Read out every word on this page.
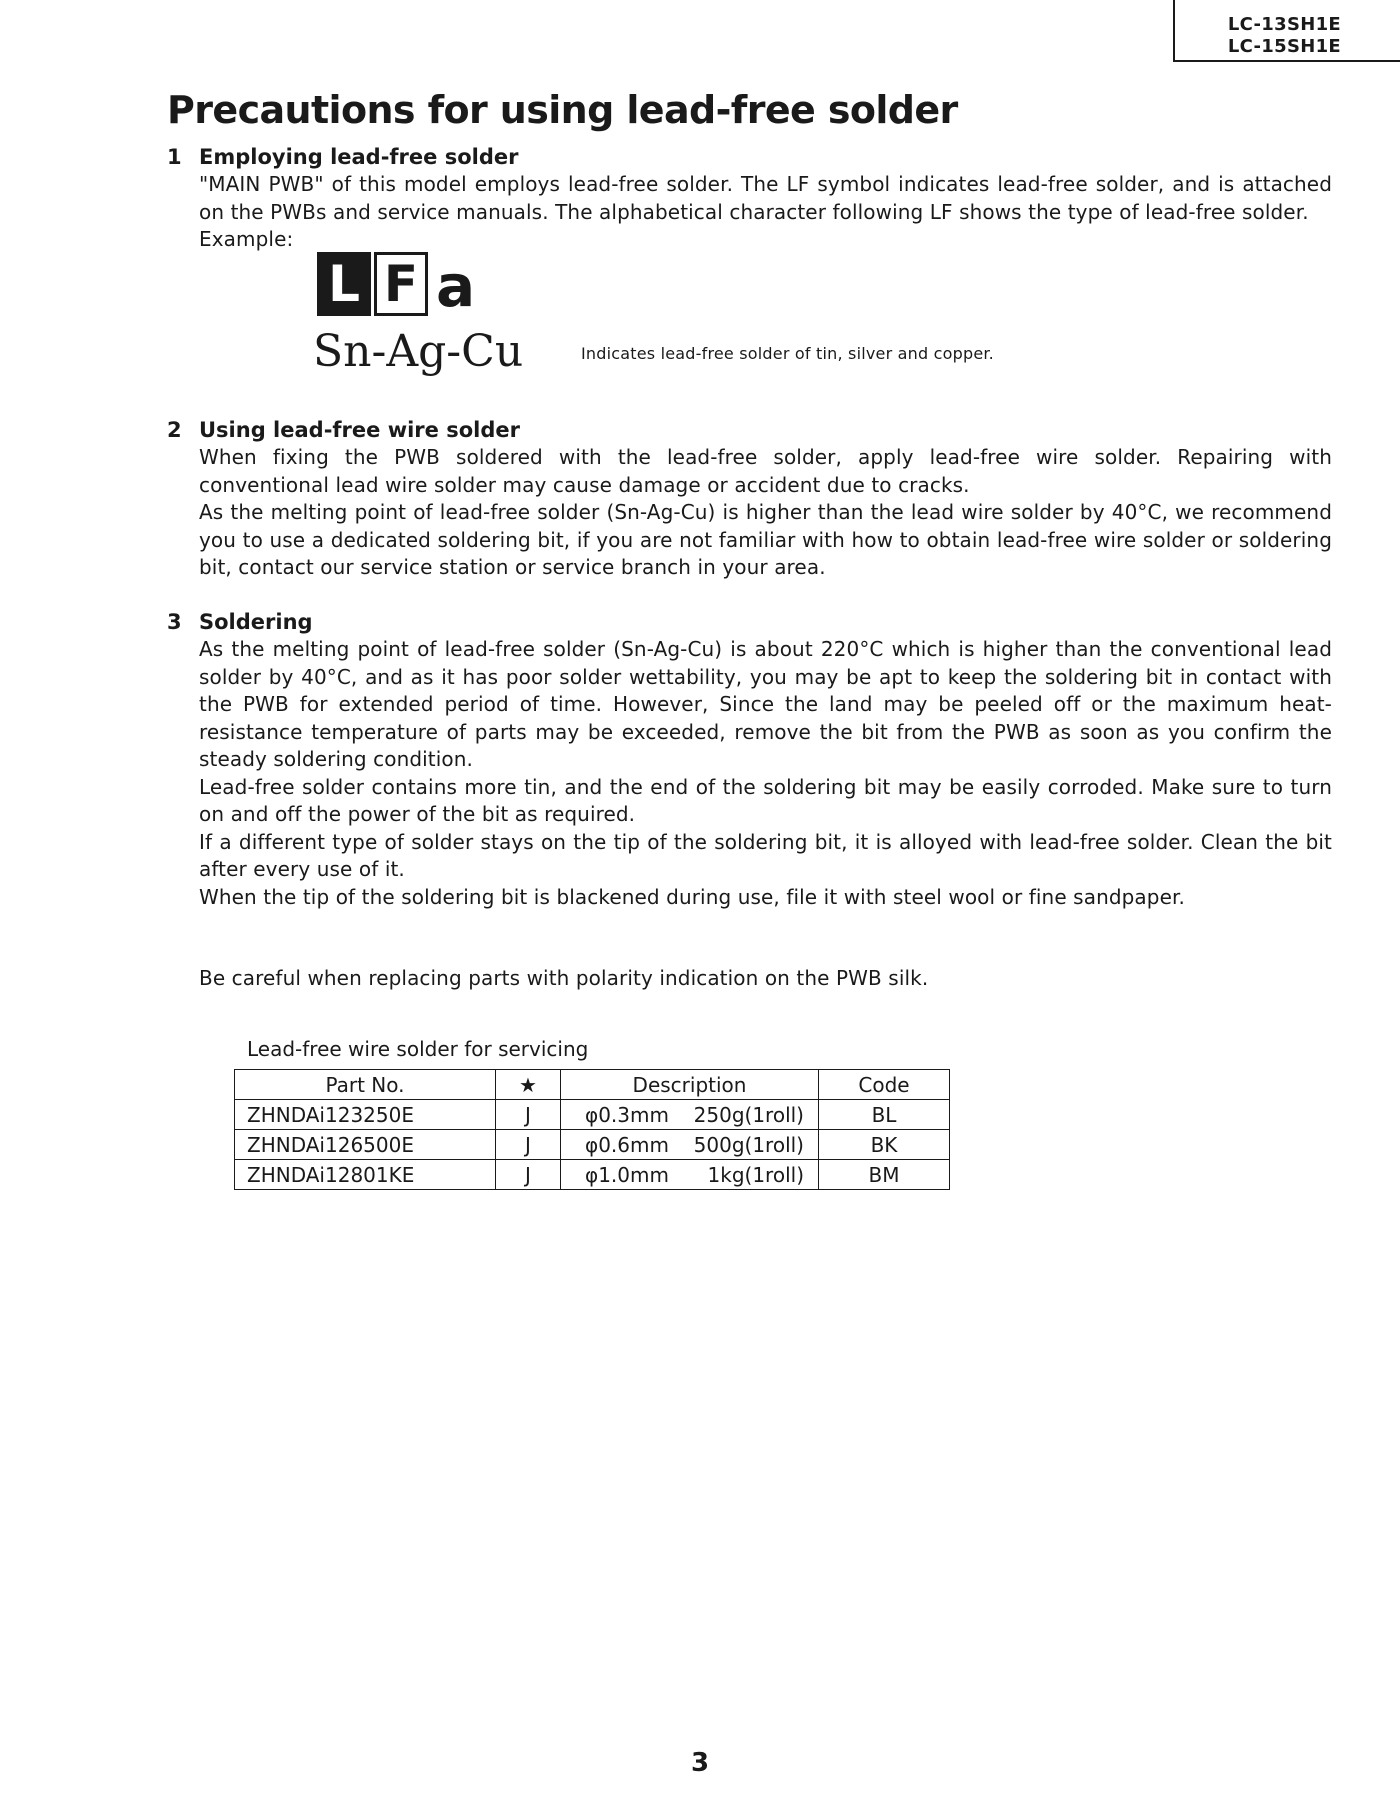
LC-13SH1E
LC-15SH1E
Precautions for using lead-free solder
1 Employing lead-free solder

"MAIN PWB" of this model employs lead-free solder. The LF symbol indicates lead-free solder, and is attached on the PWBs and service manuals. The alphabetical character following LF shows the type of lead-free solder.

Example:

L F a
Sn-Ag-Cu	Indicates lead-free solder of tin, silver and copper.
2 Using lead-free wire solder

When fixing the PWB soldered with the lead-free solder, apply lead-free wire solder. Repairing with conventional lead wire solder may cause damage or accident due to cracks.

As the melting point of lead-free solder (Sn-Ag-Cu) is higher than the lead wire solder by 40°C, we recommend you to use a dedicated soldering bit, if you are not familiar with how to obtain lead-free wire solder or soldering bit, contact our service station or service branch in your area.

3 Soldering

As the melting point of lead-free solder (Sn-Ag-Cu) is about 220°C which is higher than the conventional lead solder by 40°C, and as it has poor solder wettability, you may be apt to keep the soldering bit in contact with the PWB for extended period of time. However, Since the land may be peeled off or the maximum heat-resistance temperature of parts may be exceeded, remove the bit from the PWB as soon as you confirm the steady soldering condition.

Lead-free solder contains more tin, and the end of the soldering bit may be easily corroded. Make sure to turn on and off the power of the bit as required.

If a different type of solder stays on the tip of the soldering bit, it is alloyed with lead-free solder. Clean the bit after every use of it.

When the tip of the soldering bit is blackened during use, file it with steel wool or fine sandpaper.

Be careful when replacing parts with polarity indication on the PWB silk.
Lead-free wire solder for servicing
Part No.	★	Description	Code
ZHNDAi123250E	J	φ0.3mm 250g(1roll)	BL
ZHNDAi126500E	J	φ0.6mm 500g(1roll)	BK
ZHNDAi12801KE	J	φ1.0mm 1kg(1roll)	BM
3
